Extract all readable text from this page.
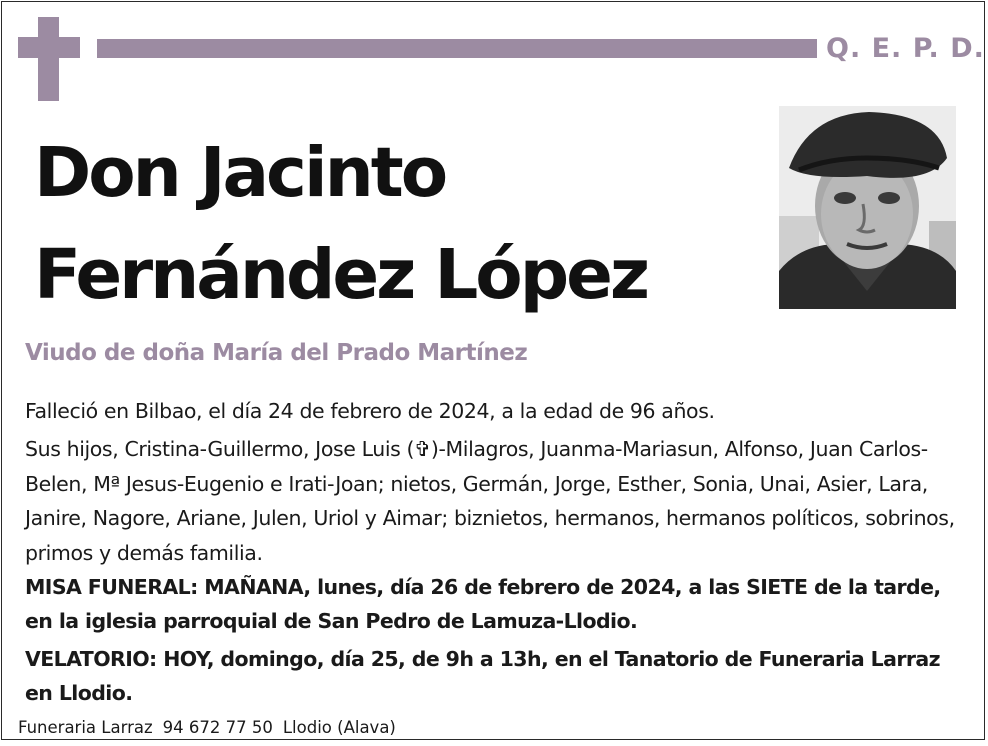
Q. E. P. D.
Don Jacinto
Fernández López
Viudo de doña María del Prado Martínez
Falleció en Bilbao, el día 24 de febrero de 2024, a la edad de 96 años.
Sus hijos, Cristina-Guillermo, Jose Luis (✞)-Milagros, Juanma-Mariasun, Alfonso, Juan Carlos-Belen, Mª Jesus-Eugenio e Irati-Joan; nietos, Germán, Jorge, Esther, Sonia, Unai, Asier, Lara, Janire, Nagore, Ariane, Julen, Uriol y Aimar; biznietos, hermanos, hermanos políticos, sobrinos, primos y demás familia.
MISA FUNERAL: MAÑANA, lunes, día 26 de febrero de 2024, a las SIETE de la tarde, en la iglesia parroquial de San Pedro de Lamuza-Llodio.
VELATORIO: HOY, domingo, día 25, de 9h a 13h, en el Tanatorio de Funeraria Larraz en Llodio.
Funeraria Larraz 94 672 77 50 Llodio (Alava)
